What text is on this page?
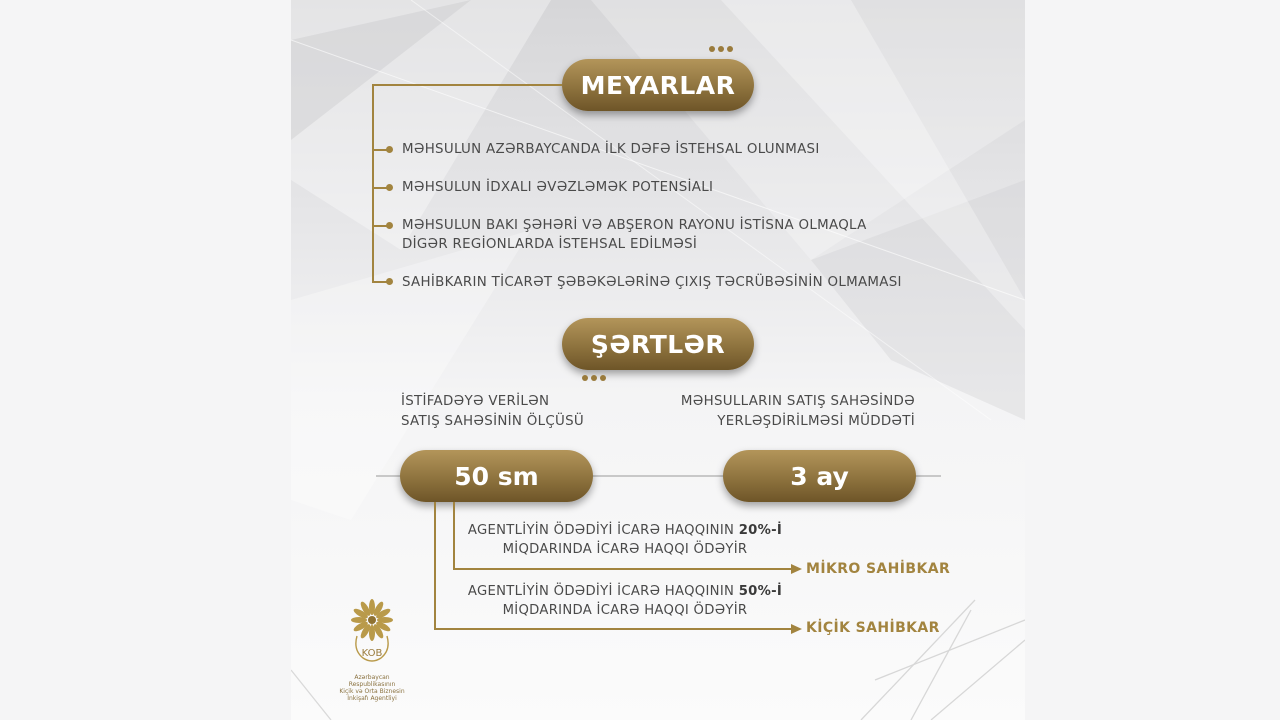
MEYARLAR
MƏHSULUN AZƏRBAYCANDA İLK DƏFƏ İSTEHSAL OLUNMASI
MƏHSULUN İDXALI ƏVƏZLƏMƏK POTENSİALI
MƏHSULUN BAKI ŞƏHƏRİ VƏ ABŞERON RAYONU İSTİSNA OLMAQLA
DİGƏR REGİONLARDA İSTEHSAL EDİLMƏSİ
SAHİBKARIN TİCARƏT ŞƏBƏKƏLƏRİNƏ ÇIXIŞ TƏCRÜBƏSİNİN OLMAMASI
ŞƏRTLƏR
İSTİFADƏYƏ VERİLƏN
SATIŞ SAHƏSİNİN ÖLÇÜSÜ
MƏHSULLARIN SATIŞ SAHƏSİNDƏ
YERLƏŞDİRİLMƏSİ MÜDDƏTİ
50 sm	3 ay
AGENTLİYİN ÖDƏDİYİ İCARƏ HAQQININ 20%-İ
MİQDARINDA İCARƏ HAQQI ÖDƏYİR
MİKRO SAHİBKAR
AGENTLİYİN ÖDƏDİYİ İCARƏ HAQQININ 50%-İ
MİQDARINDA İCARƏ HAQQI ÖDƏYİR
KİÇİK SAHİBKAR
KOB
Azərbaycan Respublikasının
Kiçik və Orta Biznesin
İnkişafı Agentliyi
